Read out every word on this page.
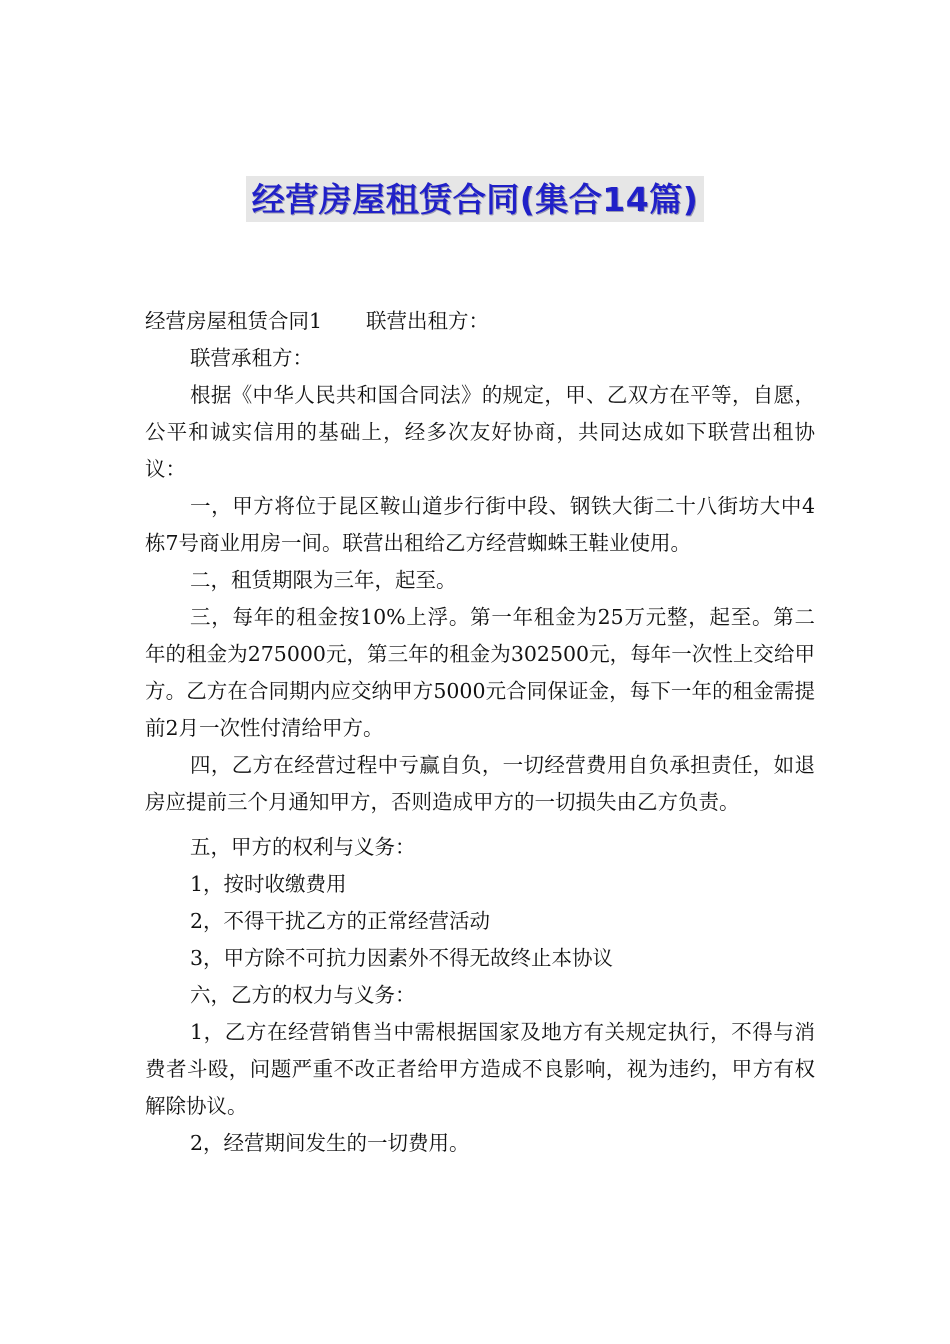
经营房屋租赁合同(集合14篇)

经营房屋租赁合同1 联营出租方：

联营承租方：

根据《中华人民共和国合同法》的规定，甲、乙双方在平等，自愿，公平和诚实信用的基础上，经多次友好协商，共同达成如下联营出租协议：

一，甲方将位于昆区鞍山道步行街中段、钢铁大街二十八街坊大中4栋7号商业用房一间。联营出租给乙方经营蜘蛛王鞋业使用。

二，租赁期限为三年，起至。

三，每年的租金按10%上浮。第一年租金为25万元整，起至。第二年的租金为275000元，第三年的租金为302500元，每年一次性上交给甲方。乙方在合同期内应交纳甲方5000元合同保证金，每下一年的租金需提前2月一次性付清给甲方。

四，乙方在经营过程中亏赢自负，一切经营费用自负承担责任，如退房应提前三个月通知甲方，否则造成甲方的一切损失由乙方负责。

五，甲方的权利与义务：

1，按时收缴费用

2，不得干扰乙方的正常经营活动

3，甲方除不可抗力因素外不得无故终止本协议

六，乙方的权力与义务：

1，乙方在经营销售当中需根据国家及地方有关规定执行，不得与消费者斗殴，问题严重不改正者给甲方造成不良影响，视为违约，甲方有权解除协议。

2，经营期间发生的一切费用。
